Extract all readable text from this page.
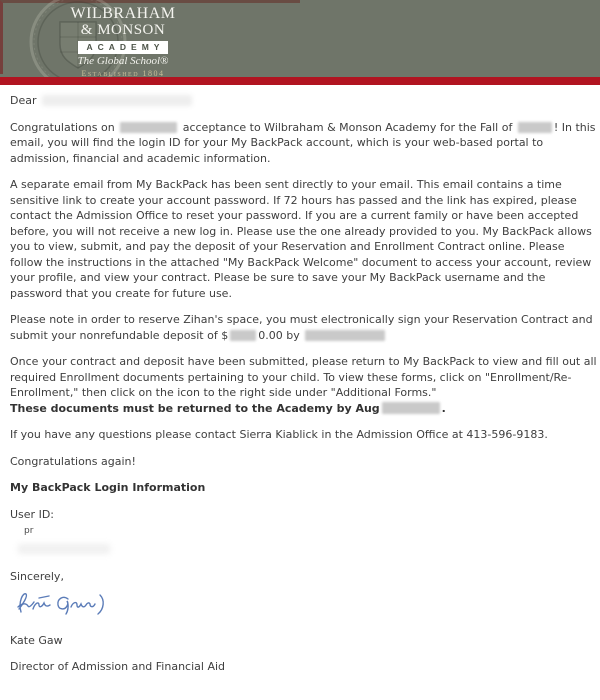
WILBRAHAM
& MONSON
ACADEMY
The Global School®
Established 1804

Dear

Congratulations on	acceptance to Wilbraham & Monson Academy for the Fall of	! In this email, you will find the login ID for your My BackPack account, which is your web-based portal to admission, financial and academic information.

A separate email from My BackPack has been sent directly to your email. This email contains a time sensitive link to create your account password. If 72 hours has passed and the link has expired, please contact the Admission Office to reset your password. If you are a current family or have been accepted before, you will not receive a new log in. Please use the one already provided to you. My BackPack allows you to view, submit, and pay the deposit of your Reservation and Enrollment Contract online. Please follow the instructions in the attached "My BackPack Welcome" document to access your account, review your profile, and view your contract. Please be sure to save your My BackPack username and the password that you create for future use.

Please note in order to reserve Zihan's space, you must electronically sign your Reservation Contract and submit your nonrefundable deposit of $	0.00 by

Once your contract and deposit have been submitted, please return to My BackPack to view and fill out all required Enrollment documents pertaining to your child. To view these forms, click on "Enrollment/Re-Enrollment," then click on the icon to the right side under "Additional Forms."
These documents must be returned to the Academy by Aug	.

If you have any questions please contact Sierra Kiablick in the Admission Office at 413-596-9183.

Congratulations again!

My BackPack Login Information

User ID:
pr

Sincerely,

Kate Gaw

Director of Admission and Financial Aid
